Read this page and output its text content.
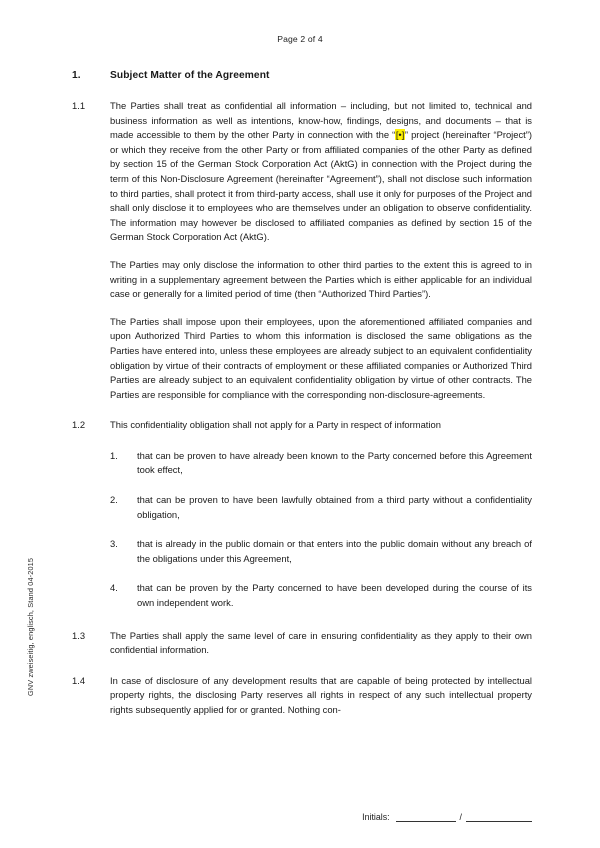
Page 2 of 4
GNV zweiseitig, englisch, Stand 04-2015
1.	Subject Matter of the Agreement
1.1	The Parties shall treat as confidential all information – including, but not limited to, technical and business information as well as intentions, know-how, findings, designs, and documents – that is made accessible to them by the other Party in connection with the “[•]” project (hereinafter “Project”) or which they receive from the other Party or from affiliated companies of the other Party as defined by section 15 of the German Stock Corporation Act (AktG) in connection with the Project during the term of this Non-Disclosure Agreement (hereinafter “Agreement”), shall not disclose such information to third parties, shall protect it from third-party access, shall use it only for purposes of the Project and shall only disclose it to employees who are themselves under an obligation to observe confidentiality. The information may however be disclosed to affiliated companies as defined by section 15 of the German Stock Corporation Act (AktG).

The Parties may only disclose the information to other third parties to the extent this is agreed to in writing in a supplementary agreement between the Parties which is either applicable for an individual case or generally for a limited period of time (then “Authorized Third Parties”).

The Parties shall impose upon their employees, upon the aforementioned affiliated companies and upon Authorized Third Parties to whom this information is disclosed the same obligations as the Parties have entered into, unless these employees are already subject to an equivalent confidentiality obligation by virtue of their contracts of employment or these affiliated companies or Authorized Third Parties are already subject to an equivalent confidentiality obligation by virtue of other contracts. The Parties are responsible for compliance with the corresponding non-disclosure-agreements.

1.2	This confidentiality obligation shall not apply for a Party in respect of information

1.	that can be proven to have already been known to the Party concerned before this Agreement took effect,
2.	that can be proven to have been lawfully obtained from a third party without a confidentiality obligation,
3.	that is already in the public domain or that enters into the public domain without any breach of the obligations under this Agreement,
4.	that can be proven by the Party concerned to have been developed during the course of its own independent work.
1.3	The Parties shall apply the same level of care in ensuring confidentiality as they apply to their own confidential information.

1.4	In case of disclosure of any development results that are capable of being protected by intellectual property rights, the disclosing Party reserves all rights in respect of any such intellectual property rights subsequently applied for or granted. Nothing con-

Initials:	/
